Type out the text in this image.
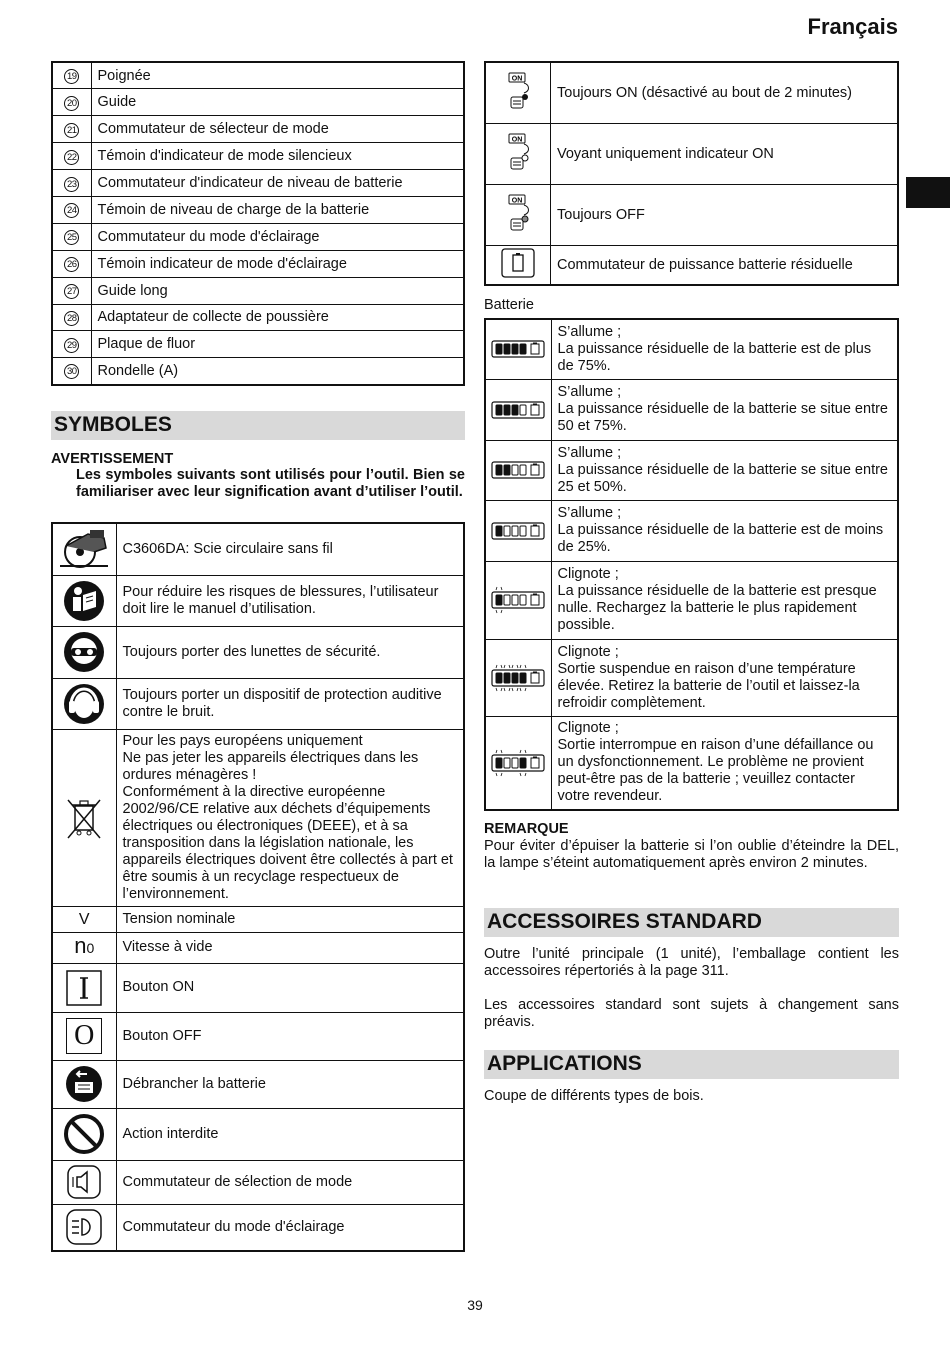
Français
19	Poignée
20	Guide
21	Commutateur de sélecteur de mode
22	Témoin d'indicateur de mode silencieux
23	Commutateur d'indicateur de niveau de batterie
24	Témoin de niveau de charge de la batterie
25	Commutateur du mode d'éclairage
26	Témoin indicateur de mode d'éclairage
27	Guide long
28	Adaptateur de collecte de poussière
29	Plaque de fluor
30	Rondelle (A)
SYMBOLES
AVERTISSEMENT
Les symboles suivants sont utilisés pour l’outil. Bien se familiariser avec leur signification avant d’utiliser l’outil.
	C3606DA: Scie circulaire sans fil

	Pour réduire les risques de blessures, l’utilisateur doit lire le manuel d’utilisation.

	Toujours porter des lunettes de sécurité.

	Toujours porter un dispositif de protection auditive contre le bruit.

	Pour les pays européens uniquement
Ne pas jeter les appareils électriques dans les ordures ménagères !
Conformément à la directive européenne 2002/96/CE relative aux déchets d’équipements électriques ou électroniques (DEEE), et à sa transposition dans la législation nationale, les appareils électriques doivent être collectés à part et être soumis à un recyclage respectueux de l’environnement.
V	Tension nominale
n0	Vitesse à vide

	Bouton ON

O	Bouton OFF

	Débrancher la batterie

	Action interdite

	Commutateur de sélection de mode

	Commutateur du mode d'éclairage
ON	Toujours ON (désactivé au bout de 2 minutes)

ON	Voyant uniquement indicateur ON

ON	Toujours OFF
	Commutateur de puissance batterie résiduelle
Batterie
	S’allume ;
La puissance résiduelle de la batterie est de plus de 75%.

	S’allume ;
La puissance résiduelle de la batterie se situe entre 50 et 75%.

	S’allume ;
La puissance résiduelle de la batterie se situe entre 25 et 50%.

	S’allume ;
La puissance résiduelle de la batterie est de moins de 25%.

	Clignote ;
La puissance résiduelle de la batterie est presque nulle. Rechargez la batterie le plus rapidement possible.

	Clignote ;
Sortie suspendue en raison d’une température élevée. Retirez la batterie de l’outil et laissez-la refroidir complètement.

	Clignote ;
Sortie interrompue en raison d’une défaillance ou un dysfonctionnement. Le problème ne provient peut-être pas de la batterie ; veuillez contacter votre revendeur.
REMARQUE
Pour éviter d’épuiser la batterie si l’on oublie d’éteindre la DEL, la lampe s’éteint automatiquement après environ 2 minutes.
ACCESSOIRES STANDARD
Outre l’unité principale (1 unité), l’emballage contient les accessoires répertoriés à la page 311.
Les accessoires standard sont sujets à changement sans préavis.
APPLICATIONS
Coupe de différents types de bois.
39
